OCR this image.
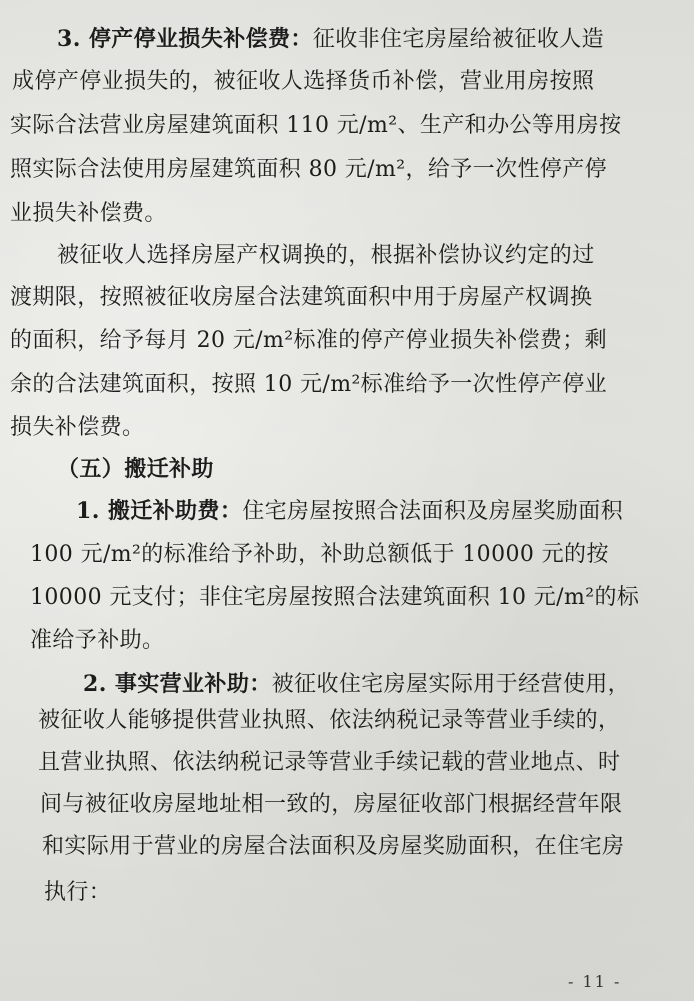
3. 停产停业损失补偿费：征收非住宅房屋给被征收人造
成停产停业损失的，被征收人选择货币补偿，营业用房按照
实际合法营业房屋建筑面积 110 元/m²、生产和办公等用房按
照实际合法使用房屋建筑面积 80 元/m²，给予一次性停产停
业损失补偿费。
被征收人选择房屋产权调换的，根据补偿协议约定的过
渡期限，按照被征收房屋合法建筑面积中用于房屋产权调换
的面积，给予每月 20 元/m²标准的停产停业损失补偿费；剩
余的合法建筑面积，按照 10 元/m²标准给予一次性停产停业
损失补偿费。
（五）搬迁补助
1. 搬迁补助费：住宅房屋按照合法面积及房屋奖励面积
100 元/m²的标准给予补助，补助总额低于 10000 元的按
10000 元支付；非住宅房屋按照合法建筑面积 10 元/m²的标
准给予补助。
2. 事实营业补助：被征收住宅房屋实际用于经营使用，
被征收人能够提供营业执照、依法纳税记录等营业手续的，
且营业执照、依法纳税记录等营业手续记载的营业地点、时
间与被征收房屋地址相一致的，房屋征收部门根据经营年限
和实际用于营业的房屋合法面积及房屋奖励面积，在住宅房
执行：
- 11 -
